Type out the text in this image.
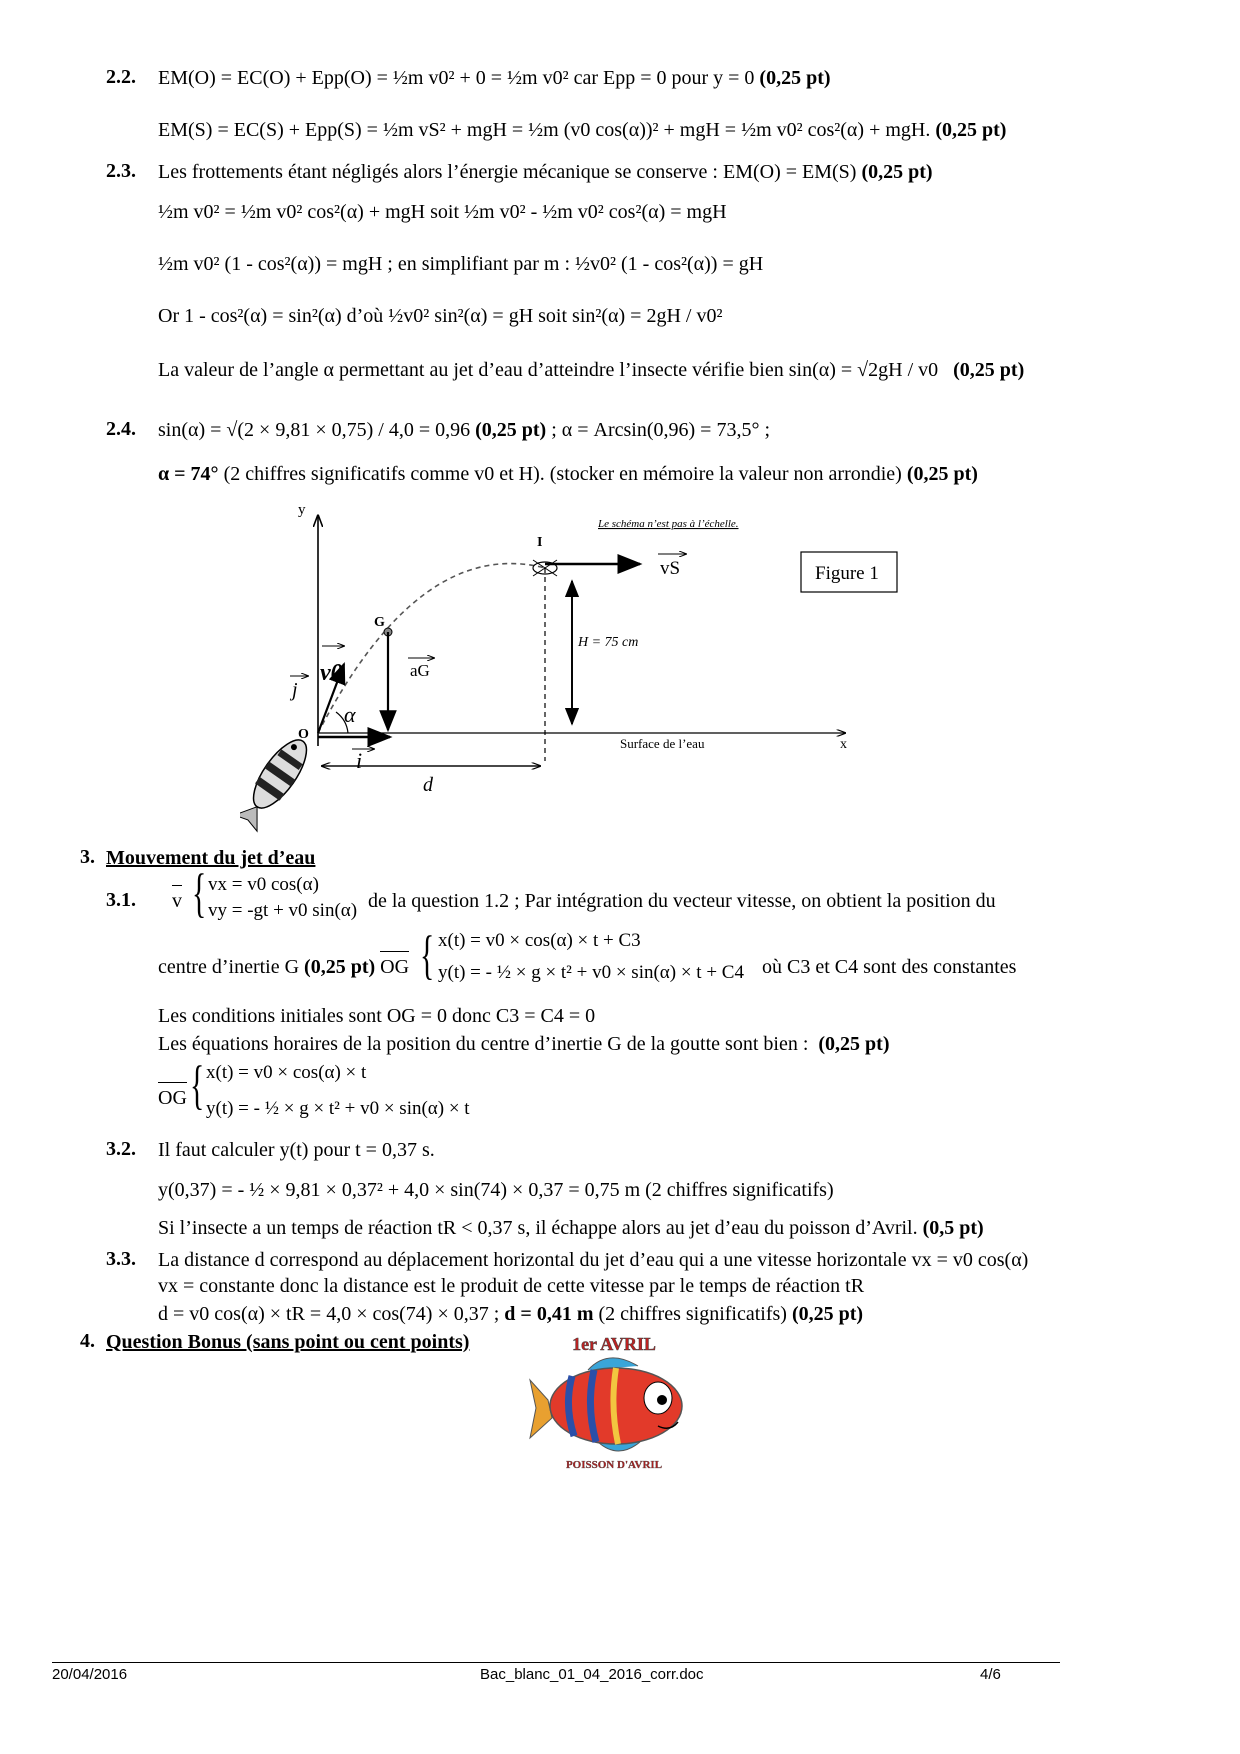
2.2. EM(O) = EC(O) + Epp(O) = ½m v0² + 0 = ½m v0² car Epp = 0 pour y = 0 (0,25 pt)
EM(S) = EC(S) + Epp(S) = ½m vS² + mgH = ½m (v0 cos(α))² + mgH = ½m v0² cos²(α) + mgH. (0,25 pt)
2.3. Les frottements étant négligés alors l’énergie mécanique se conserve : EM(O) = EM(S) (0,25 pt)
½m v0² = ½m v0² cos²(α) + mgH soit ½m v0² - ½m v0² cos²(α) = mgH
½m v0² (1 - cos²(α)) = mgH ; en simplifiant par m : ½v0² (1 - cos²(α)) = gH
Or 1 - cos²(α) = sin²(α) d’où ½v0² sin²(α) = gH soit sin²(α) = 2gH / v0²
La valeur de l’angle α permettant au jet d’eau d’atteindre l’insecte vérifie bien sin(α) = √2gH / v0 (0,25 pt)
2.4. sin(α) = √(2 × 9,81 × 0,75) / 4,0 = 0,96 (0,25 pt) ; α = Arcsin(0,96) = 73,5° ;
α = 74° (2 chiffres significatifs comme v0 et H). (stocker en mémoire la valeur non arrondie) (0,25 pt)
y
x
Surface de l’eau
I
vS
Le schéma n’est pas à l’échelle.
Figure 1
H = 75 cm
G
aG
v0
α
j
i
O
d
3. Mouvement du jet d’eau
3.1. v { vx = v0 cos(α)
vy = -gt + v0 sin(α) de la question 1.2 ; Par intégration du vecteur vitesse, on obtient la position du
centre d’inertie G (0,25 pt) OG { x(t) = v0 × cos(α) × t + C3
y(t) = - ½ × g × t² + v0 × sin(α) × t + C4 où C3 et C4 sont des constantes
Les conditions initiales sont OG = 0 donc C3 = C4 = 0
Les équations horaires de la position du centre d’inertie G de la goutte sont bien : (0,25 pt)
OG { x(t) = v0 × cos(α) × t
y(t) = - ½ × g × t² + v0 × sin(α) × t
3.2. Il faut calculer y(t) pour t = 0,37 s.
y(0,37) = - ½ × 9,81 × 0,37² + 4,0 × sin(74) × 0,37 = 0,75 m (2 chiffres significatifs)
Si l’insecte a un temps de réaction tR < 0,37 s, il échappe alors au jet d’eau du poisson d’Avril. (0,5 pt)
3.3. La distance d correspond au déplacement horizontal du jet d’eau qui a une vitesse horizontale vx = v0 cos(α)
vx = constante donc la distance est le produit de cette vitesse par le temps de réaction tR
d = v0 cos(α) × tR = 4,0 × cos(74) × 0,37 ; d = 0,41 m (2 chiffres significatifs) (0,25 pt)
4. Question Bonus (sans point ou cent points)	1er AVRIL
POISSON D'AVRIL
20/04/2016	Bac_blanc_01_04_2016_corr.doc	4/6
